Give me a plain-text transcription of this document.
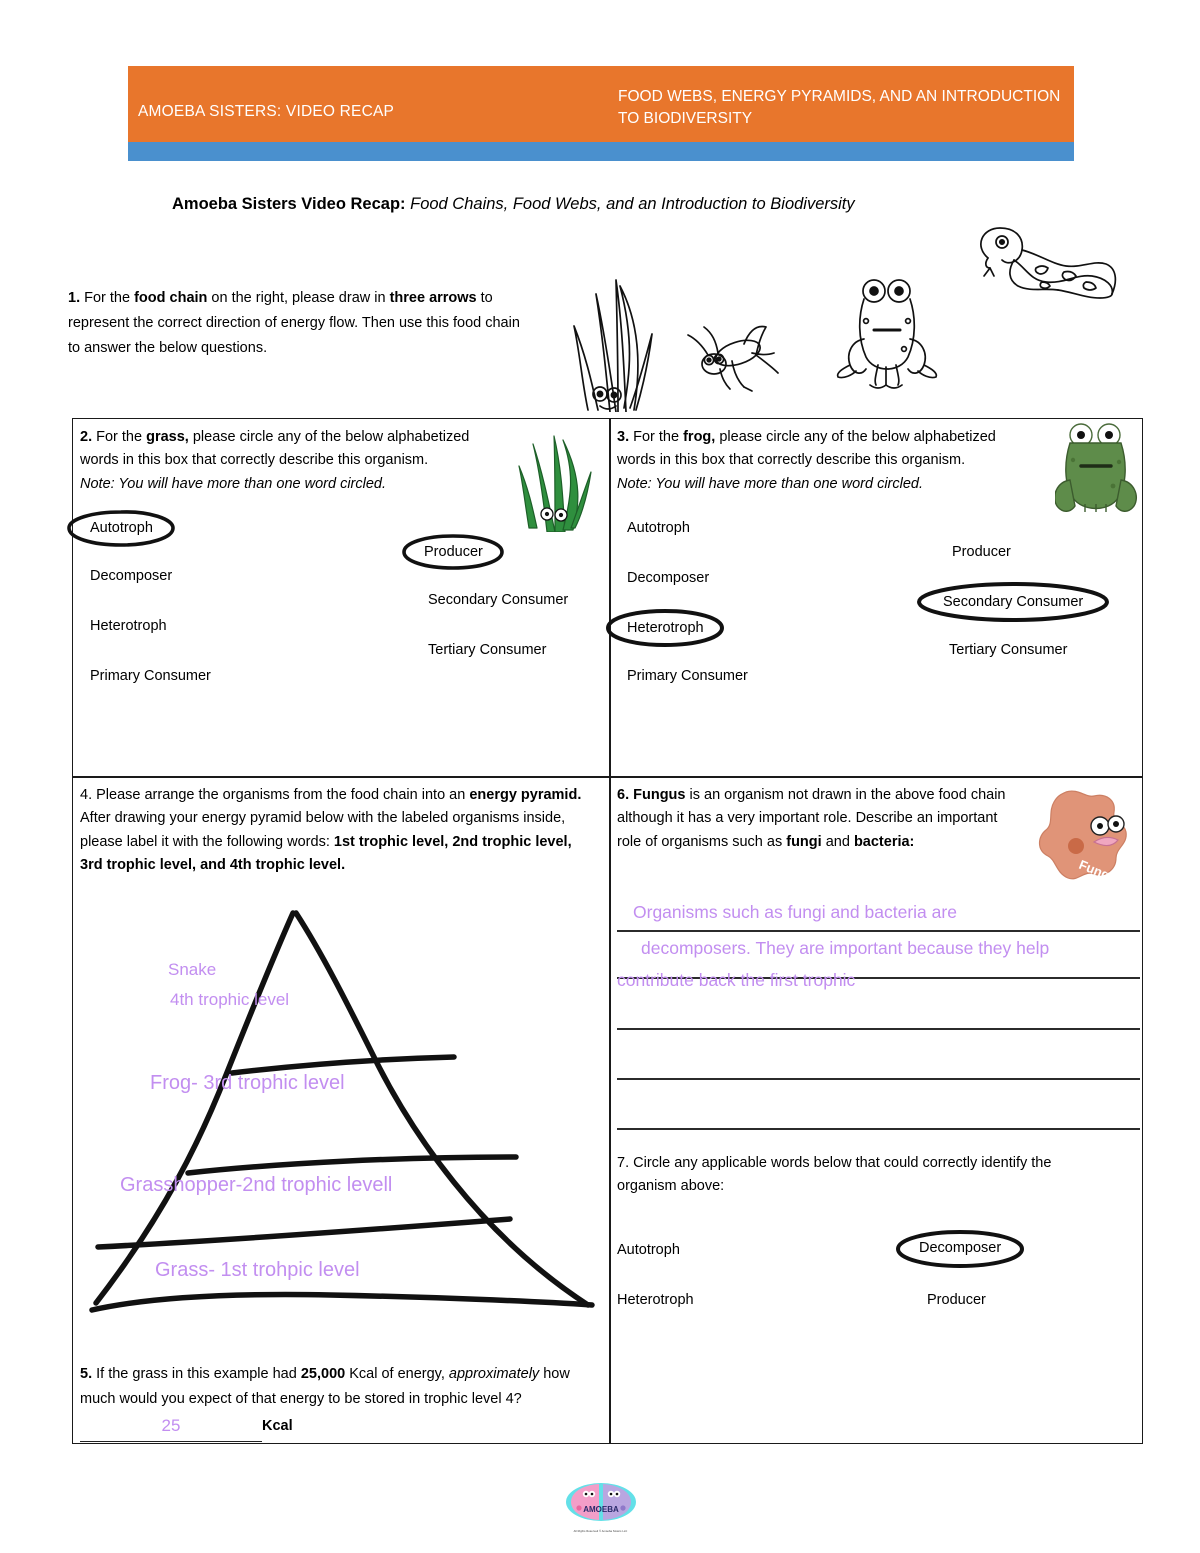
AMOEBA SISTERS: VIDEO RECAP
FOOD WEBS, ENERGY PYRAMIDS, AND AN INTRODUCTION TO BIODIVERSITY
Amoeba Sisters Video Recap: Food Chains, Food Webs, and an Introduction to Biodiversity
1. For the food chain on the right, please draw in three arrows to represent the correct direction of energy flow. Then use this food chain to answer the below questions.
2. For the grass, please circle any of the below alphabetized words in this box that correctly describe this organism.
Note: You will have more than one word circled.
Autotroph
Decomposer
Heterotroph
Primary Consumer
Producer
Secondary Consumer
Tertiary Consumer
3. For the frog, please circle any of the below alphabetized words in this box that correctly describe this organism.
Note: You will have more than one word circled.
Autotroph
Decomposer
Heterotroph
Primary Consumer
Producer
Secondary Consumer
Tertiary Consumer
4. Please arrange the organisms from the food chain into an energy pyramid. After drawing your energy pyramid below with the labeled organisms inside, please label it with the following words: 1st trophic level, 2nd trophic level, 3rd trophic level, and 4th trophic level.
Snake
4th trophic level
Frog- 3rd trophic level
Grasshopper-2nd trophic levell
Grass- 1st trohpic level
5. If the grass in this example had 25,000 Kcal of energy, approximately how much would you expect of that energy to be stored in trophic level 4? 25	Kcal
6. Fungus is an organism not drawn in the above food chain although it has a very important role. Describe an important role of organisms such as fungi and bacteria:
Fungus
Organisms such as fungi and bacteria are
decomposers. They are important because they help
contribute back the first trophic
7. Circle any applicable words below that could correctly identify the organism above:
Autotroph	Decomposer
Heterotroph	Producer
AMOEBA
All Rights Reserved © Amoeba Sisters LLC
